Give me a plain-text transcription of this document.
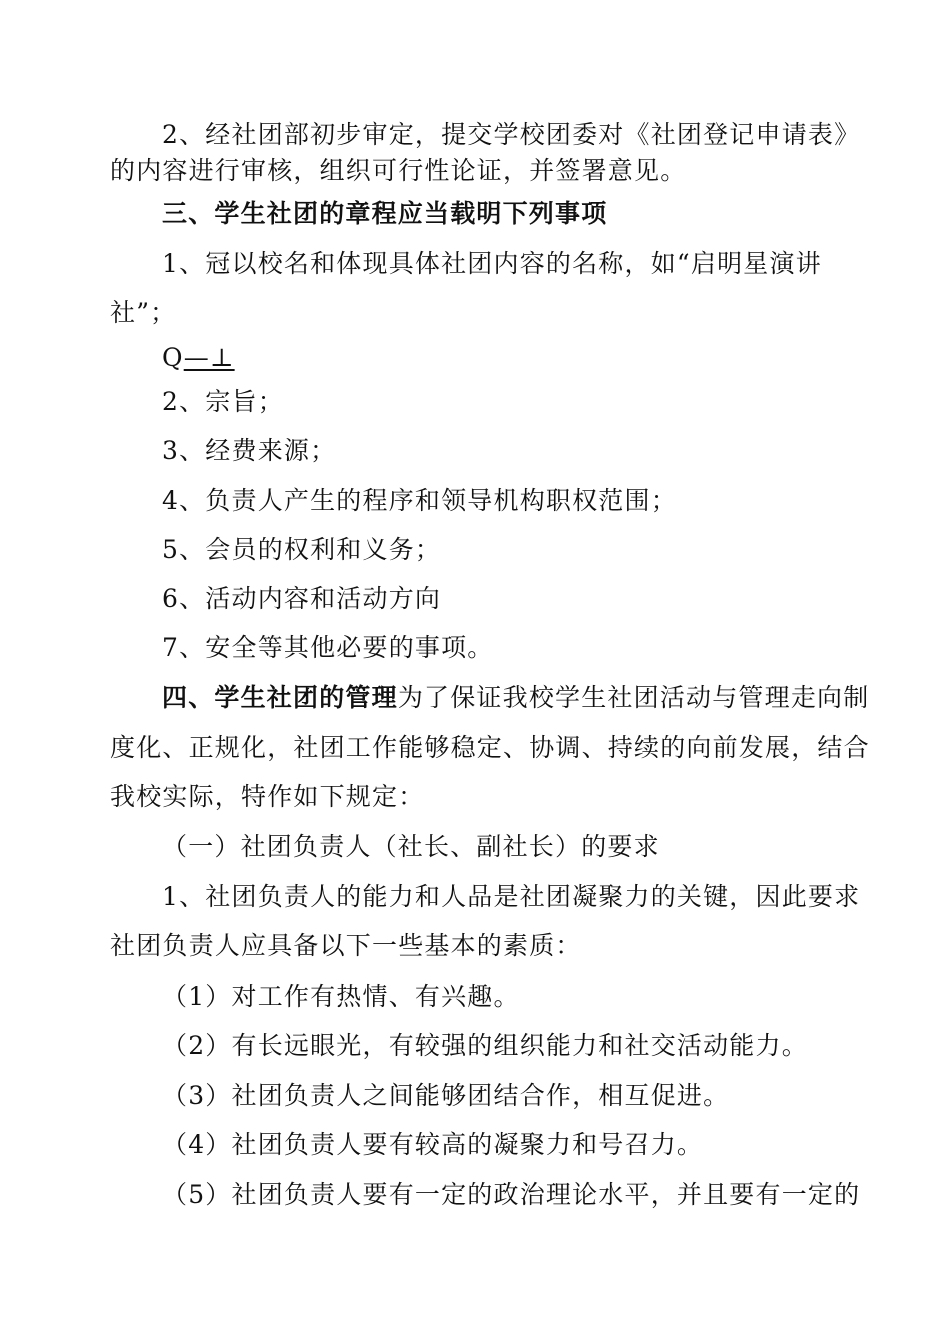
2、经社团部初步审定，提交学校团委对《社团登记申请表》
的内容进行审核，组织可行性论证，并签署意见。
三、学生社团的章程应当载明下列事项
1、冠以校名和体现具体社团内容的名称，如“启明星演讲
社”；
Q—⊥
2、宗旨；
3、经费来源；
4、负责人产生的程序和领导机构职权范围；
5、会员的权利和义务；
6、活动内容和活动方向
7、安全等其他必要的事项。
四、学生社团的管理为了保证我校学生社团活动与管理走向制
度化、正规化，社团工作能够稳定、协调、持续的向前发展，结合
我校实际，特作如下规定：
（一）社团负责人（社长、副社长）的要求
1、社团负责人的能力和人品是社团凝聚力的关键，因此要求
社团负责人应具备以下一些基本的素质：
（1）对工作有热情、有兴趣。
（2）有长远眼光，有较强的组织能力和社交活动能力。
（3）社团负责人之间能够团结合作，相互促进。
（4）社团负责人要有较高的凝聚力和号召力。
（5）社团负责人要有一定的政治理论水平，并且要有一定的
